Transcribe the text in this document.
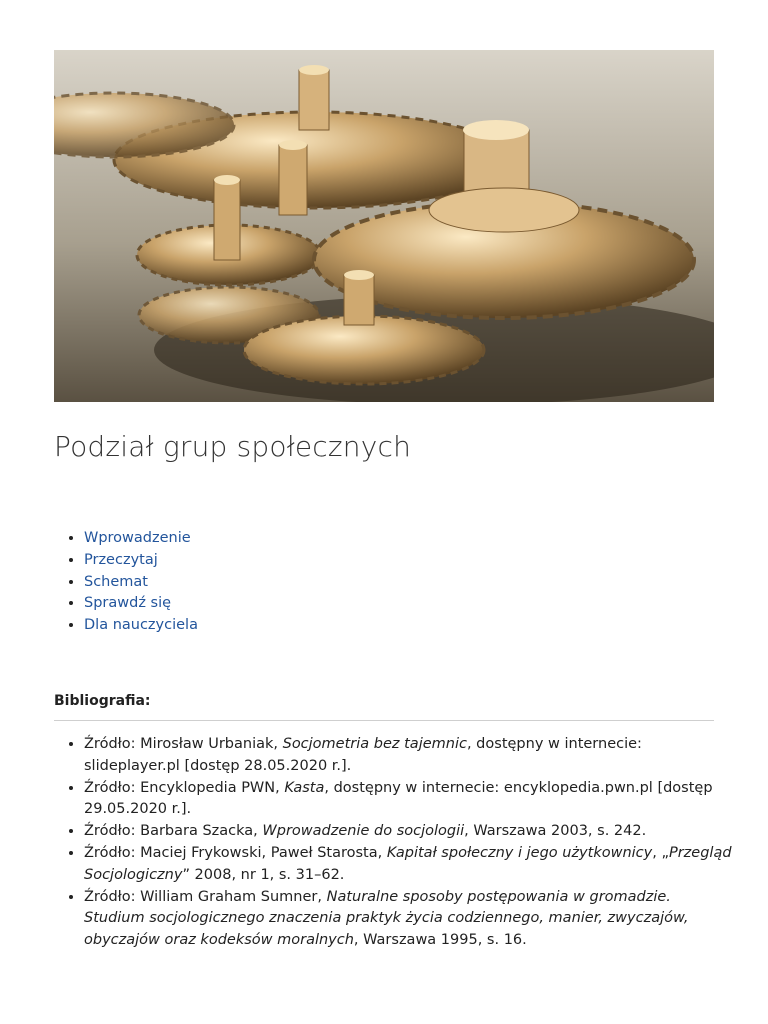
Podział grup społecznych
• Wprowadzenie
• Przeczytaj
• Schemat
• Sprawdź się
• Dla nauczyciela
Bibliografia:
• Źródło: Mirosław Urbaniak, Socjometria bez tajemnic, dostępny w internecie: slideplayer.pl [dostęp 28.05.2020 r.].
• Źródło: Encyklopedia PWN, Kasta, dostępny w internecie: encyklopedia.pwn.pl [dostęp 29.05.2020 r.].
• Źródło: Barbara Szacka, Wprowadzenie do socjologii, Warszawa 2003, s. 242.
• Źródło: Maciej Frykowski, Paweł Starosta, Kapitał społeczny i jego użytkownicy, „Przegląd Socjologiczny” 2008, nr 1, s. 31–62.
• Źródło: William Graham Sumner, Naturalne sposoby postępowania w gromadzie. Studium socjologicznego znaczenia praktyk życia codziennego, manier, zwyczajów, obyczajów oraz kodeksów moralnych, Warszawa 1995, s. 16.
